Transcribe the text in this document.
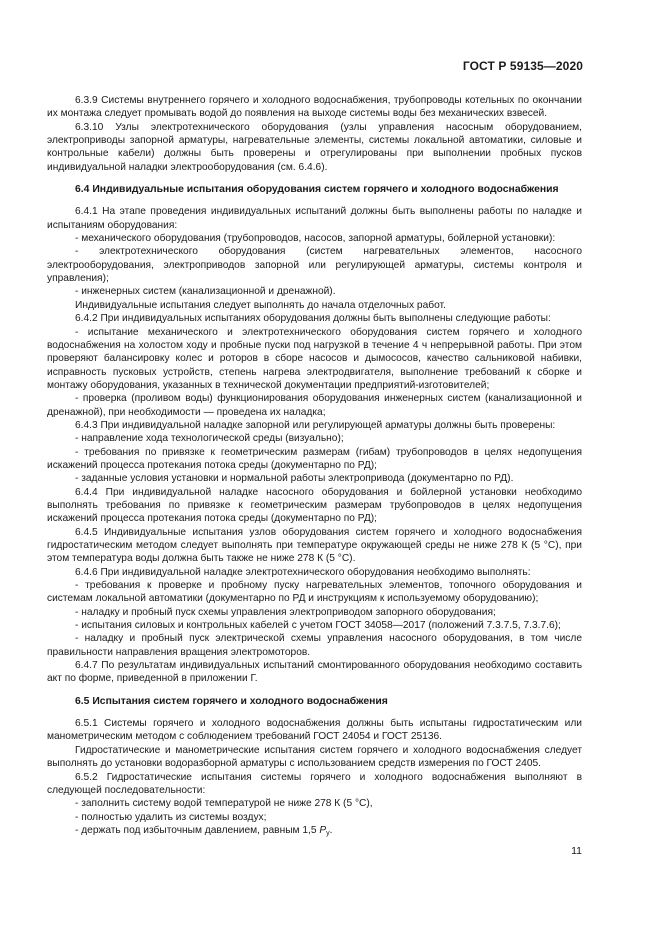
ГОСТ Р 59135—2020

6.3.9 Системы внутреннего горячего и холодного водоснабжения, трубопроводы котельных по окончании их монтажа следует промывать водой до появления на выходе системы воды без механических взвесей.

6.3.10 Узлы электротехнического оборудования (узлы управления насосным оборудованием, электроприводы запорной арматуры, нагревательные элементы, системы локальной автоматики, силовые и контрольные кабели) должны быть проверены и отрегулированы при выполнении пробных пусков индивидуальной наладки электрооборудования (см. 6.4.6).

6.4 Индивидуальные испытания оборудования систем горячего и холодного водоснабжения

6.4.1 На этапе проведения индивидуальных испытаний должны быть выполнены работы по наладке и испытаниям оборудования:

- механического оборудования (трубопроводов, насосов, запорной арматуры, бойлерной установки):

- электротехнического оборудования (систем нагревательных элементов, насосного электрооборудования, электроприводов запорной или регулирующей арматуры, системы контроля и управления);

- инженерных систем (канализационной и дренажной).

Индивидуальные испытания следует выполнять до начала отделочных работ.

6.4.2 При индивидуальных испытаниях оборудования должны быть выполнены следующие работы:

- испытание механического и электротехнического оборудования систем горячего и холодного водоснабжения на холостом ходу и пробные пуски под нагрузкой в течение 4 ч непрерывной работы. При этом проверяют балансировку колес и роторов в сборе насосов и дымососов, качество сальниковой набивки, исправность пусковых устройств, степень нагрева электродвигателя, выполнение требований к сборке и монтажу оборудования, указанных в технической документации предприятий-изготовителей;

- проверка (проливом воды) функционирования оборудования инженерных систем (канализационной и дренажной), при необходимости — проведена их наладка;

6.4.3 При индивидуальной наладке запорной или регулирующей арматуры должны быть проверены:

- направление хода технологической среды (визуально);

- требования по привязке к геометрическим размерам (гибам) трубопроводов в целях недопущения искажений процесса протекания потока среды (документарно по РД);

- заданные условия установки и нормальной работы электропривода (документарно по РД).

6.4.4 При индивидуальной наладке насосного оборудования и бойлерной установки необходимо выполнять требования по привязке к геометрическим размерам трубопроводов в целях недопущения искажений процесса протекания потока среды (документарно по РД);

6.4.5 Индивидуальные испытания узлов оборудования систем горячего и холодного водоснабжения гидростатическим методом следует выполнять при температуре окружающей среды не ниже 278 К (5 °С), при этом температура воды должна быть также не ниже 278 К (5 °С).

6.4.6 При индивидуальной наладке электротехнического оборудования необходимо выполнять:

- требования к проверке и пробному пуску нагревательных элементов, топочного оборудования и системам локальной автоматики (документарно по РД и инструкциям к используемому оборудованию);

- наладку и пробный пуск схемы управления электроприводом запорного оборудования;

- испытания силовых и контрольных кабелей с учетом ГОСТ 34058—2017 (положений 7.3.7.5, 7.3.7.6);

- наладку и пробный пуск электрической схемы управления насосного оборудования, в том числе правильности направления вращения электромоторов.

6.4.7 По результатам индивидуальных испытаний смонтированного оборудования необходимо составить акт по форме, приведенной в приложении Г.

6.5 Испытания систем горячего и холодного водоснабжения

6.5.1 Системы горячего и холодного водоснабжения должны быть испытаны гидростатическим или манометрическим методом с соблюдением требований ГОСТ 24054 и ГОСТ 25136.

Гидростатические и манометрические испытания систем горячего и холодного водоснабжения следует выполнять до установки водоразборной арматуры с использованием средств измерения по ГОСТ 2405.

6.5.2 Гидростатические испытания системы горячего и холодного водоснабжения выполняют в следующей последовательности:

- заполнить систему водой температурой не ниже 278 К (5 °С),

- полностью удалить из системы воздух;

- держать под избыточным давлением, равным 1,5 $P_у$.

11
